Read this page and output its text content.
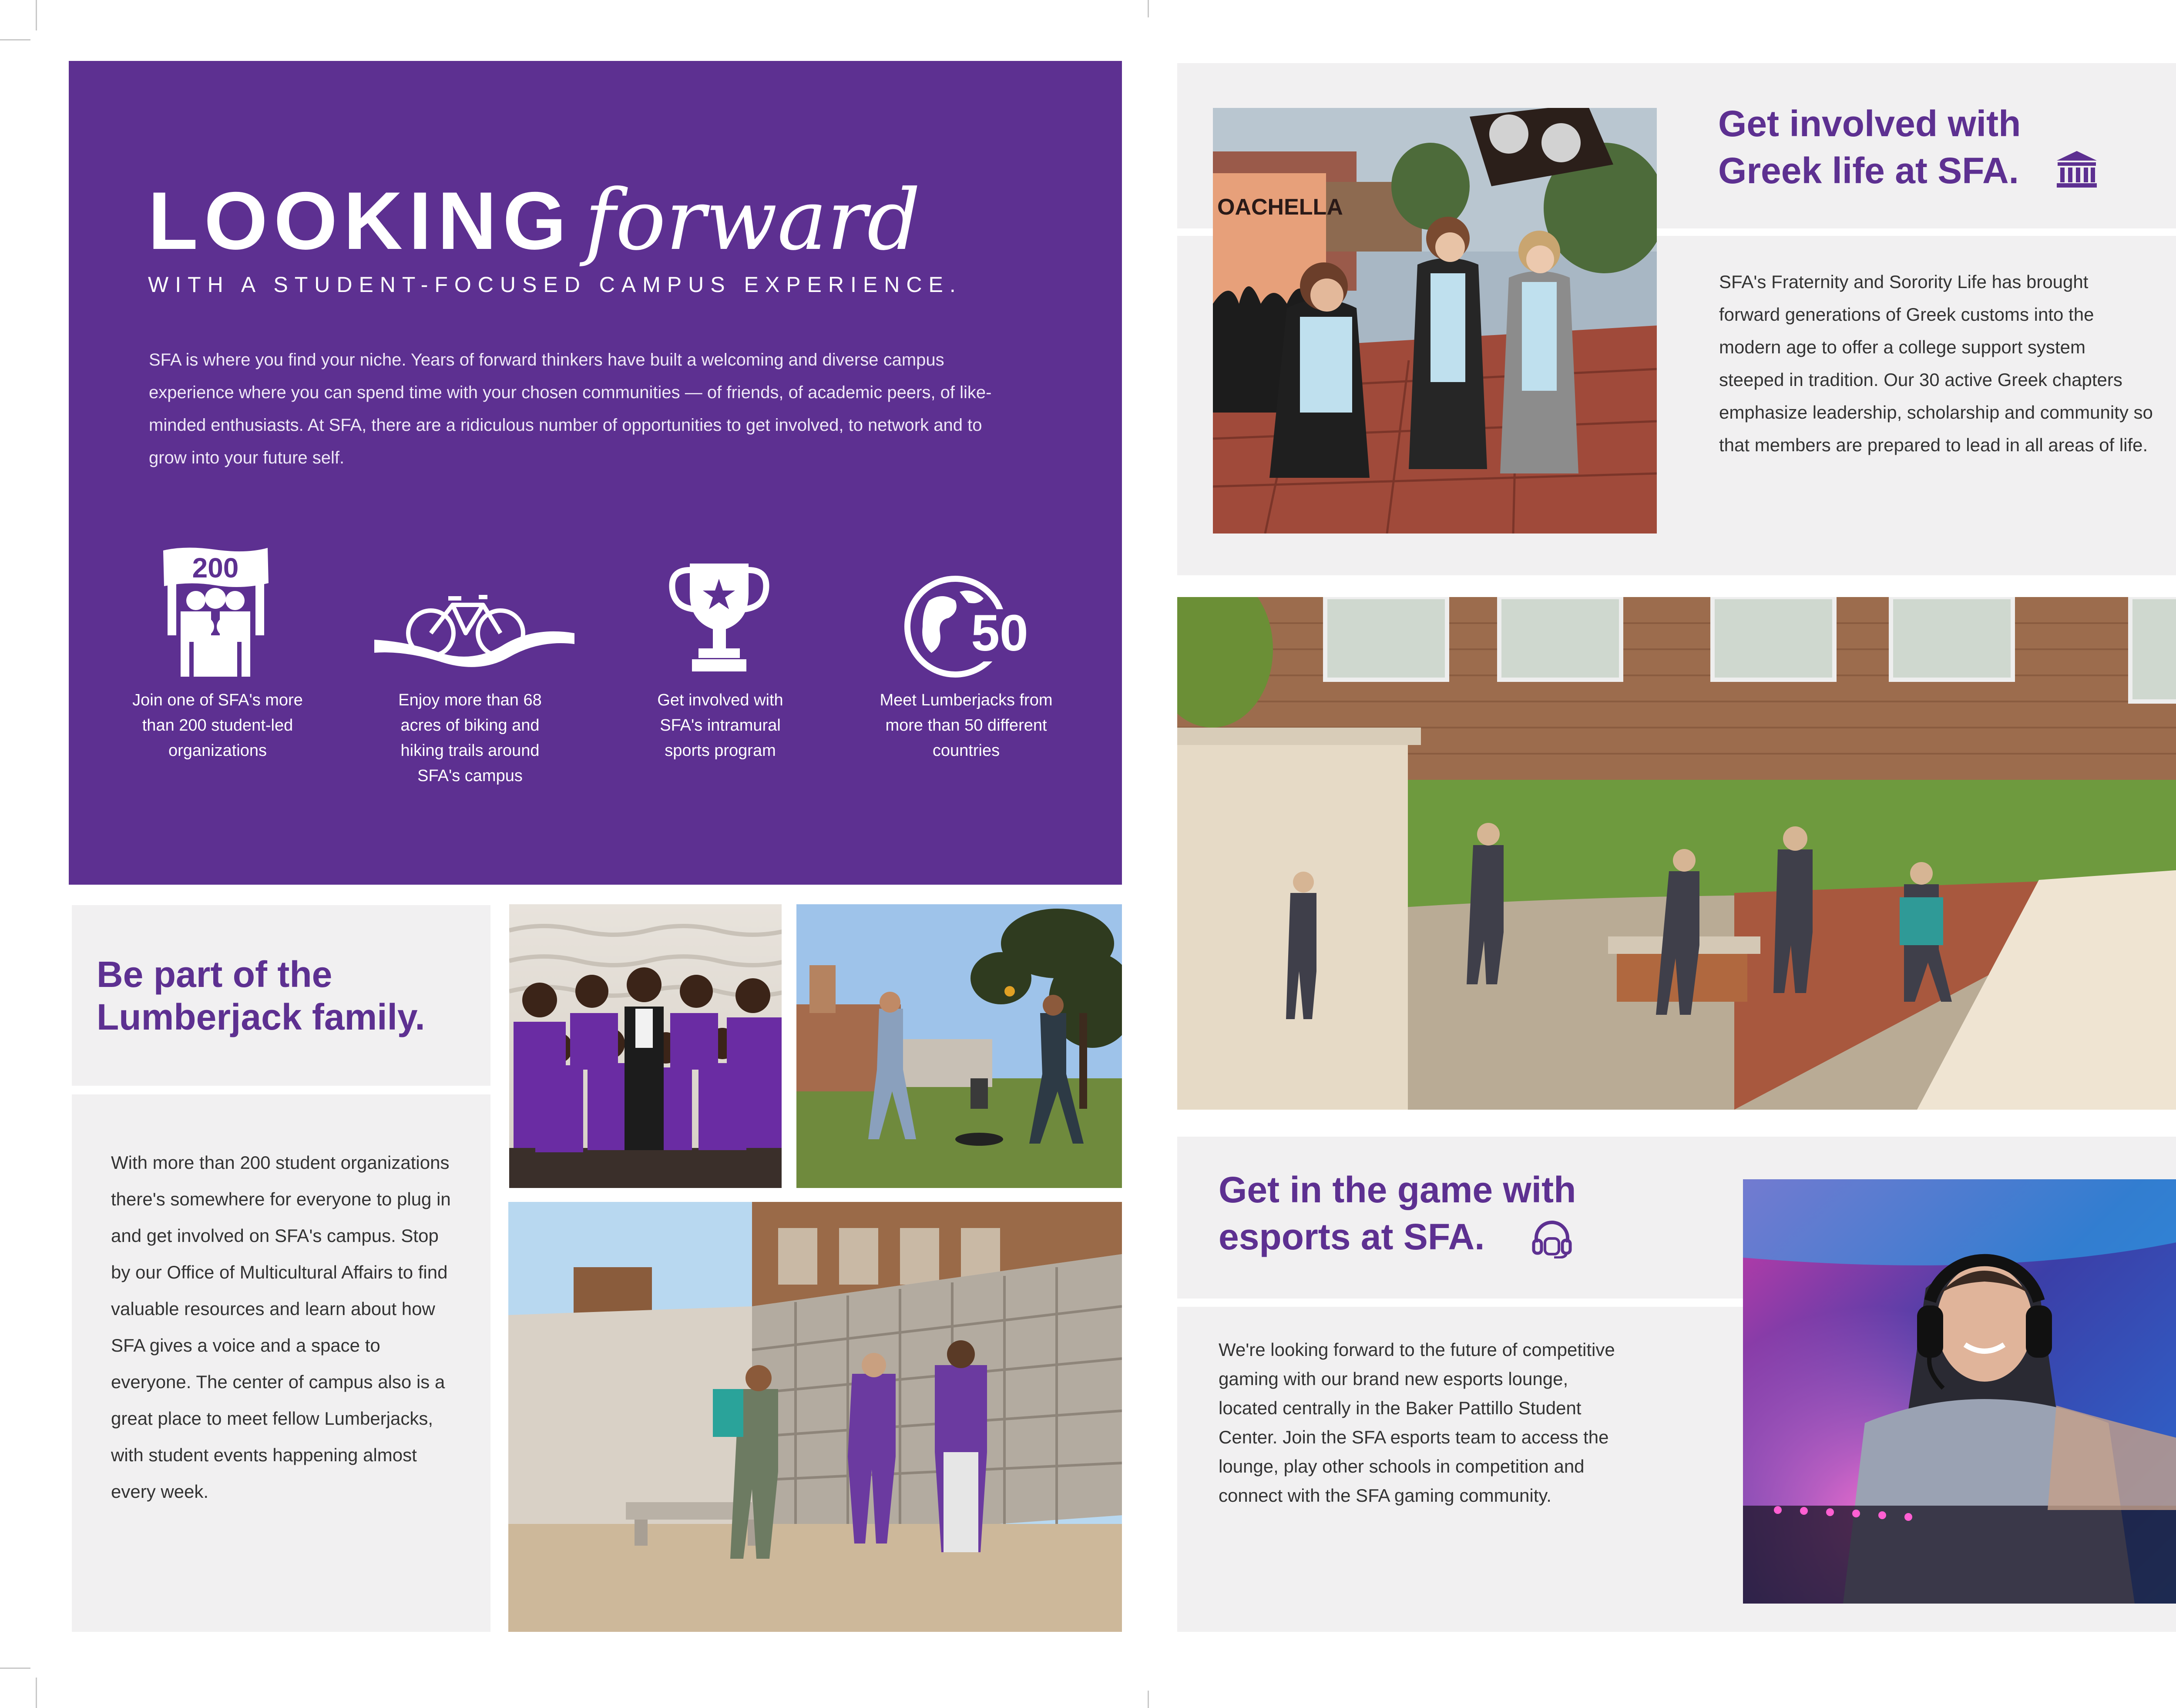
LOOKING forward
WITH A STUDENT-FOCUSED CAMPUS EXPERIENCE.

SFA is where you find your niche. Years of forward thinkers have built a welcoming and diverse campus experience where you can spend time with your chosen communities — of friends, of academic peers, of like-minded enthusiasts. At SFA, there are a ridiculous number of opportunities to get involved, to network and to grow into your future self.

200
50
Join one of SFA's more than 200 student-led organizations
Enjoy more than 68 acres of biking and hiking trails around SFA's campus
Get involved with SFA's intramural sports program
Meet Lumberjacks from more than 50 different countries
Be part of the Lumberjack family.

With more than 200 student organizations there's somewhere for everyone to plug in and get involved on SFA's campus. Stop by our Office of Multicultural Affairs to find valuable resources and learn about how SFA gives a voice and a space to everyone. The center of campus also is a great place to meet fellow Lumberjacks, with student events happening almost every week.

Get involved with Greek life at SFA.

SFA's Fraternity and Sorority Life has brought forward generations of Greek customs into the modern age to offer a college support system steeped in tradition. Our 30 active Greek chapters emphasize leadership, scholarship and community so that members are prepared to lead in all areas of life.

OACHELLA
Get in the game with esports at SFA.

We're looking forward to the future of competitive gaming with our brand new esports lounge, located centrally in the Baker Pattillo Student Center. Join the SFA esports team to access the lounge, play other schools in competition and connect with the SFA gaming community.
